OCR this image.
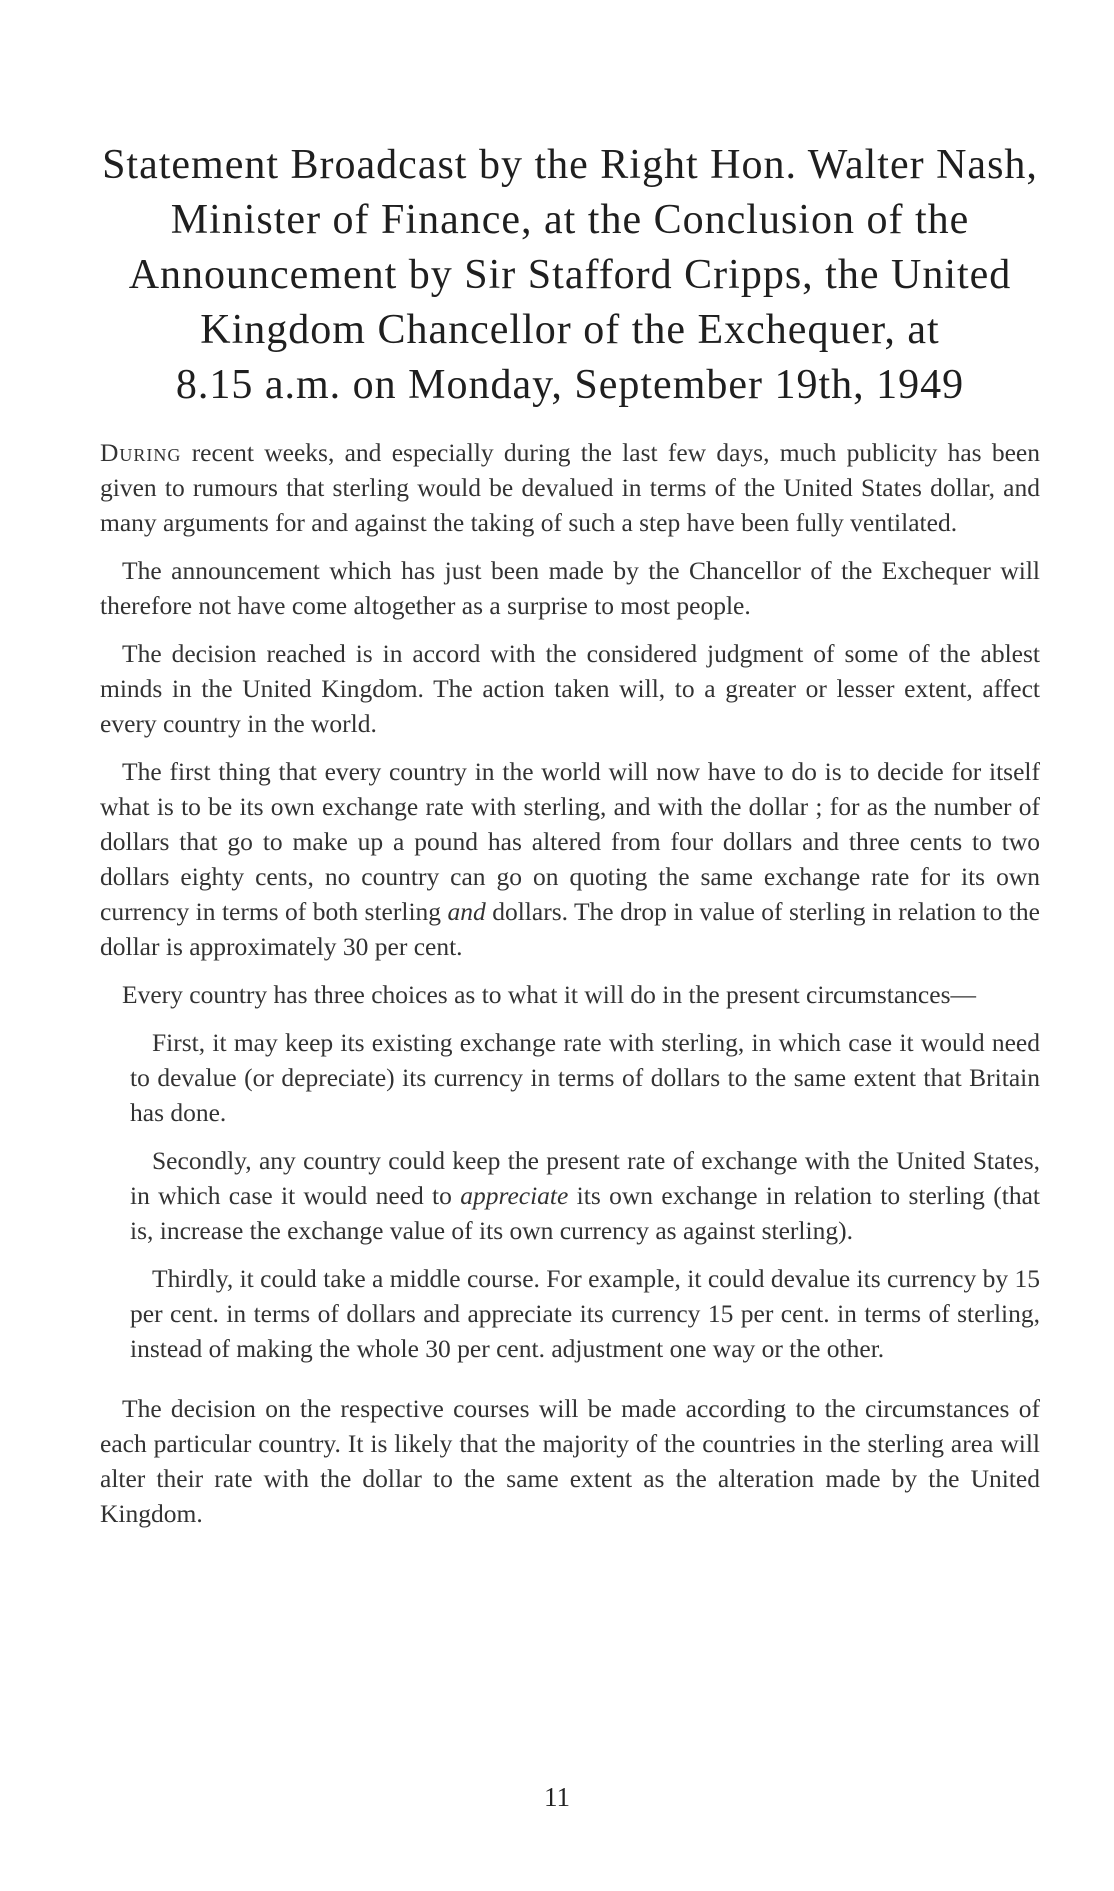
Statement Broadcast by the Right Hon. Walter Nash,
Minister of Finance, at the Conclusion of the
Announcement by Sir Stafford Cripps, the United
Kingdom Chancellor of the Exchequer, at
8.15 a.m. on Monday, September 19th, 1949

During recent weeks, and especially during the last few days, much publicity has been given to rumours that sterling would be devalued in terms of the United States dollar, and many arguments for and against the taking of such a step have been fully ventilated.

The announcement which has just been made by the Chancellor of the Exchequer will therefore not have come altogether as a surprise to most people.

The decision reached is in accord with the considered judgment of some of the ablest minds in the United Kingdom. The action taken will, to a greater or lesser extent, affect every country in the world.

The first thing that every country in the world will now have to do is to decide for itself what is to be its own exchange rate with sterling, and with the dollar ; for as the number of dollars that go to make up a pound has altered from four dollars and three cents to two dollars eighty cents, no country can go on quoting the same exchange rate for its own currency in terms of both sterling and dollars. The drop in value of sterling in relation to the dollar is approximately 30 per cent.

Every country has three choices as to what it will do in the present circumstances—

First, it may keep its existing exchange rate with sterling, in which case it would need to devalue (or depreciate) its currency in terms of dollars to the same extent that Britain has done.

Secondly, any country could keep the present rate of exchange with the United States, in which case it would need to appreciate its own exchange in relation to sterling (that is, increase the exchange value of its own currency as against sterling).

Thirdly, it could take a middle course. For example, it could devalue its currency by 15 per cent. in terms of dollars and appreciate its currency 15 per cent. in terms of sterling, instead of making the whole 30 per cent. adjustment one way or the other.

The decision on the respective courses will be made according to the circumstances of each particular country. It is likely that the majority of the countries in the sterling area will alter their rate with the dollar to the same extent as the alteration made by the United Kingdom.

11
